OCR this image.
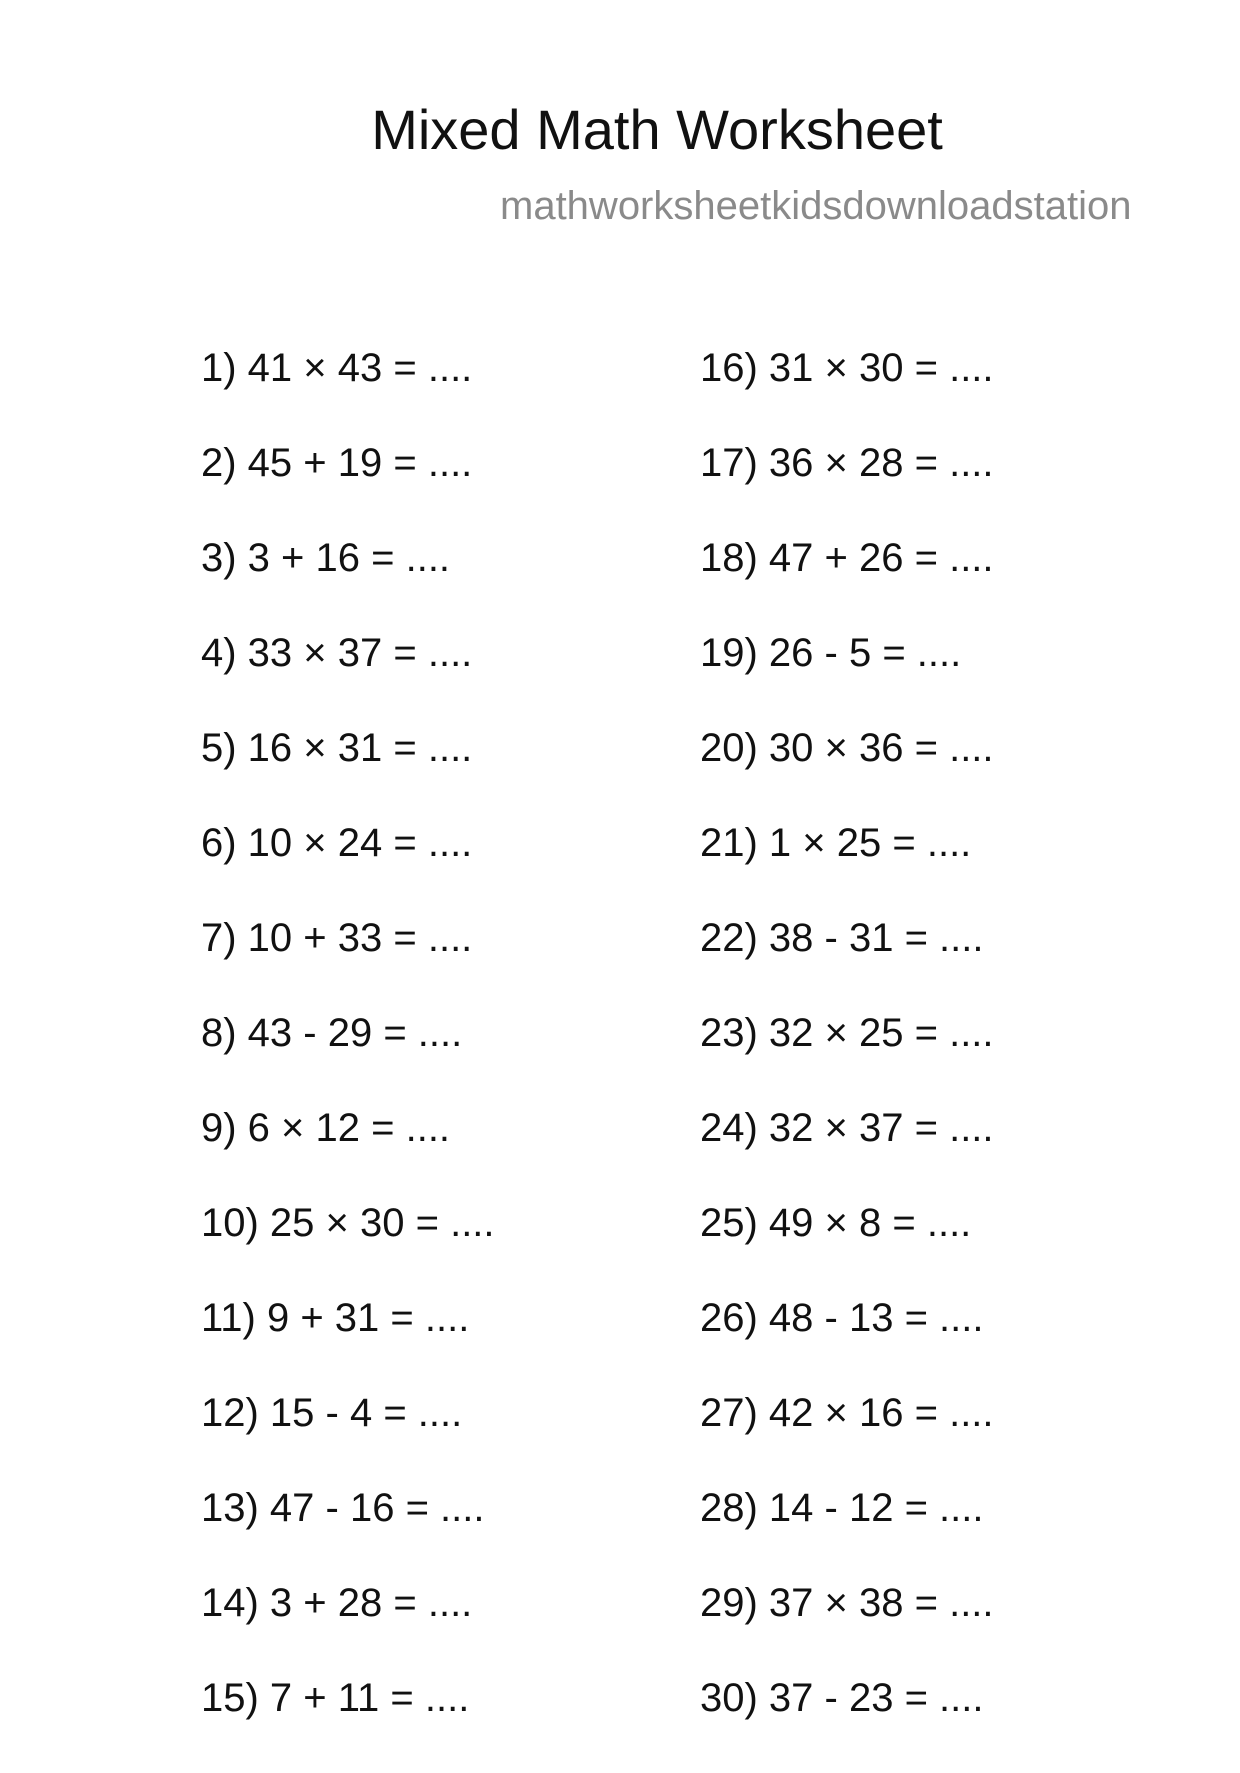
Mixed Math Worksheet
mathworksheetkidsdownloadstation
1) 41 × 43 = ....
2) 45 + 19 = ....
3) 3 + 16 = ....
4) 33 × 37 = ....
5) 16 × 31 = ....
6) 10 × 24 = ....
7) 10 + 33 = ....
8) 43 - 29 = ....
9) 6 × 12 = ....
10) 25 × 30 = ....
11) 9 + 31 = ....
12) 15 - 4 = ....
13) 47 - 16 = ....
14) 3 + 28 = ....
15) 7 + 11 = ....
16) 31 × 30 = ....
17) 36 × 28 = ....
18) 47 + 26 = ....
19) 26 - 5 = ....
20) 30 × 36 = ....
21) 1 × 25 = ....
22) 38 - 31 = ....
23) 32 × 25 = ....
24) 32 × 37 = ....
25) 49 × 8 = ....
26) 48 - 13 = ....
27) 42 × 16 = ....
28) 14 - 12 = ....
29) 37 × 38 = ....
30) 37 - 23 = ....
